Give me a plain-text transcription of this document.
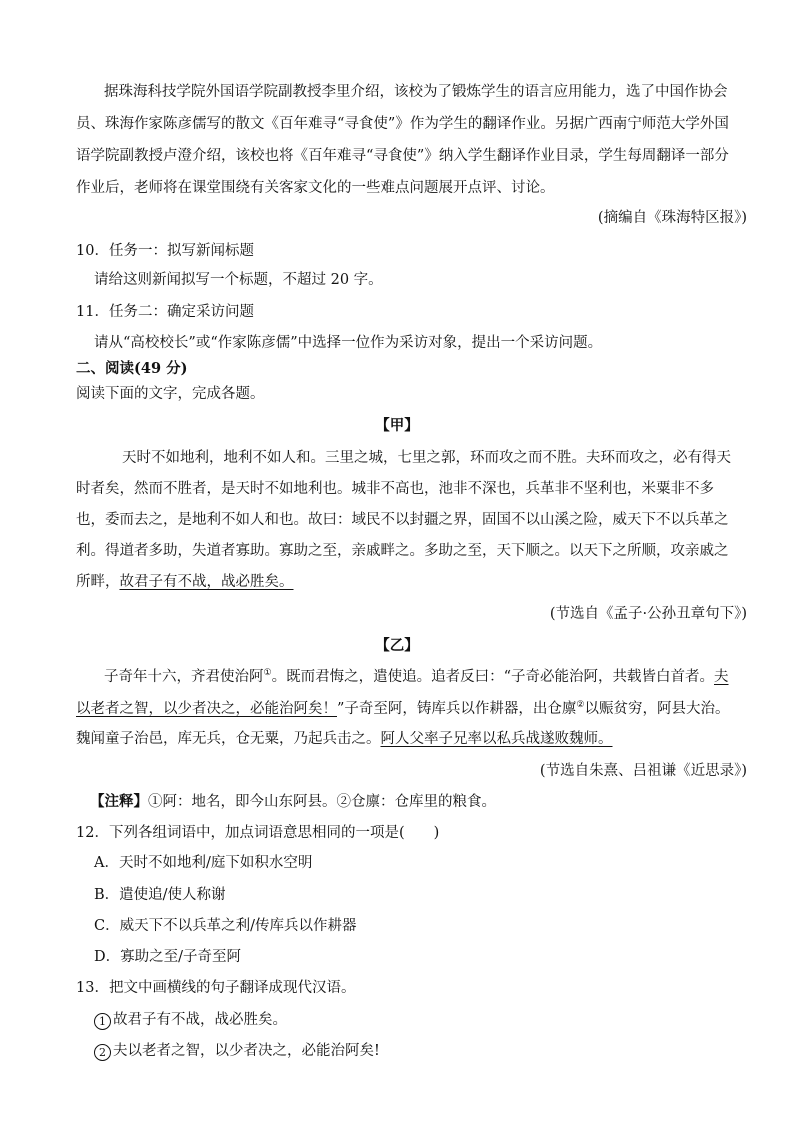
据珠海科技学院外国语学院副教授李里介绍，该校为了锻炼学生的语言应用能力，选了中国作协会
员、珠海作家陈彦儒写的散文《百年难寻“寻食使”》作为学生的翻译作业。另据广西南宁师范大学外国
语学院副教授卢澄介绍，该校也将《百年难寻“寻食使”》纳入学生翻译作业目录，学生每周翻译一部分
作业后，老师将在课堂围绕有关客家文化的一些难点问题展开点评、讨论。
(摘编自《珠海特区报》)
10．任务一：拟写新闻标题
请给这则新闻拟写一个标题，不超过 20 字。
11．任务二：确定采访问题
请从“高校校长”或“作家陈彦儒”中选择一位作为采访对象，提出一个采访问题。
二、阅读(49 分)
阅读下面的文字，完成各题。
【甲】
天时不如地利，地利不如人和。三里之城，七里之郭，环而攻之而不胜。夫环而攻之，必有得天
时者矣，然而不胜者，是天时不如地利也。城非不高也，池非不深也，兵革非不坚利也，米粟非不多
也，委而去之，是地利不如人和也。故曰：域民不以封疆之界，固国不以山溪之险，威天下不以兵革之
利。得道者多助，失道者寡助。寡助之至，亲戚畔之。多助之至，天下顺之。以天下之所顺，攻亲戚之
所畔，故君子有不战，战必胜矣。
(节选自《孟子·公孙丑章句下》)
【乙】
子奇年十六，齐君使治阿①。既而君悔之，遣使追。追者反曰：“子奇必能治阿，共载皆白首者。夫
以老者之智，以少者决之，必能治阿矣！”子奇至阿，铸库兵以作耕器，出仓廪②以赈贫穷，阿县大治。
魏闻童子治邑，库无兵，仓无粟，乃起兵击之。阿人父率子兄率以私兵战遂败魏师。
(节选自朱熹、吕祖谦《近思录》)
【注释】①阿：地名，即今山东阿县。②仓廪：仓库里的粮食。
12．下列各组词语中，加点词语意思相同的一项是(　　)
A．天时不如地利/庭下如积水空明
B．遣使追/使人称谢
C．威天下不以兵革之利/传库兵以作耕器
D．寡助之至/子奇至阿
13．把文中画横线的句子翻译成现代汉语。
1 故君子有不战，战必胜矣。
2 夫以老者之智，以少者决之，必能治阿矣!
